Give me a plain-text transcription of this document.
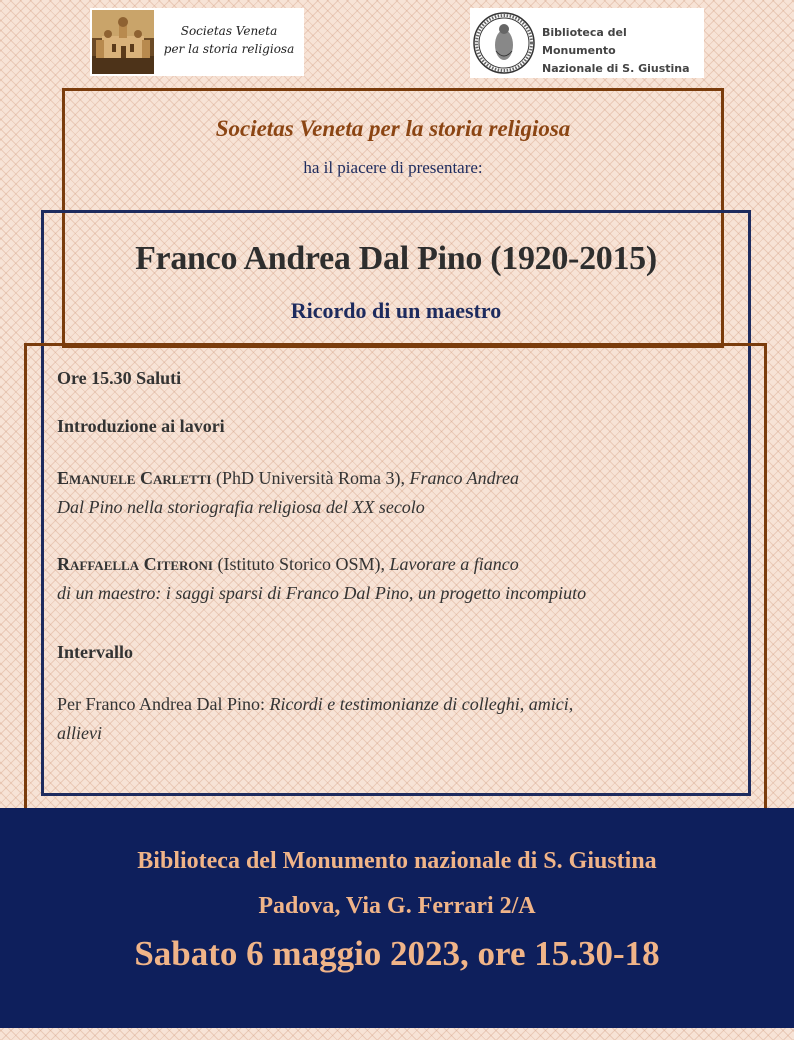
Societas Veneta
per la storia religiosa
Biblioteca del Monumento
Nazionale di S. Giustina
Societas Veneta per la storia religiosa
ha il piacere di presentare:
Franco Andrea Dal Pino (1920-2015)
Ricordo di un maestro
Ore 15.30 Saluti
Introduzione ai lavori
Emanuele Carletti (PhD Università Roma 3), Franco Andrea
Dal Pino nella storiografia religiosa del XX secolo
Raffaella Citeroni (Istituto Storico OSM), Lavorare a fianco
di un maestro: i saggi sparsi di Franco Dal Pino, un progetto incompiuto
Intervallo
Per Franco Andrea Dal Pino: Ricordi e testimonianze di colleghi, amici,
allievi
Biblioteca del Monumento nazionale di S. Giustina
Padova, Via G. Ferrari 2/A
Sabato 6 maggio 2023, ore 15.30-18
